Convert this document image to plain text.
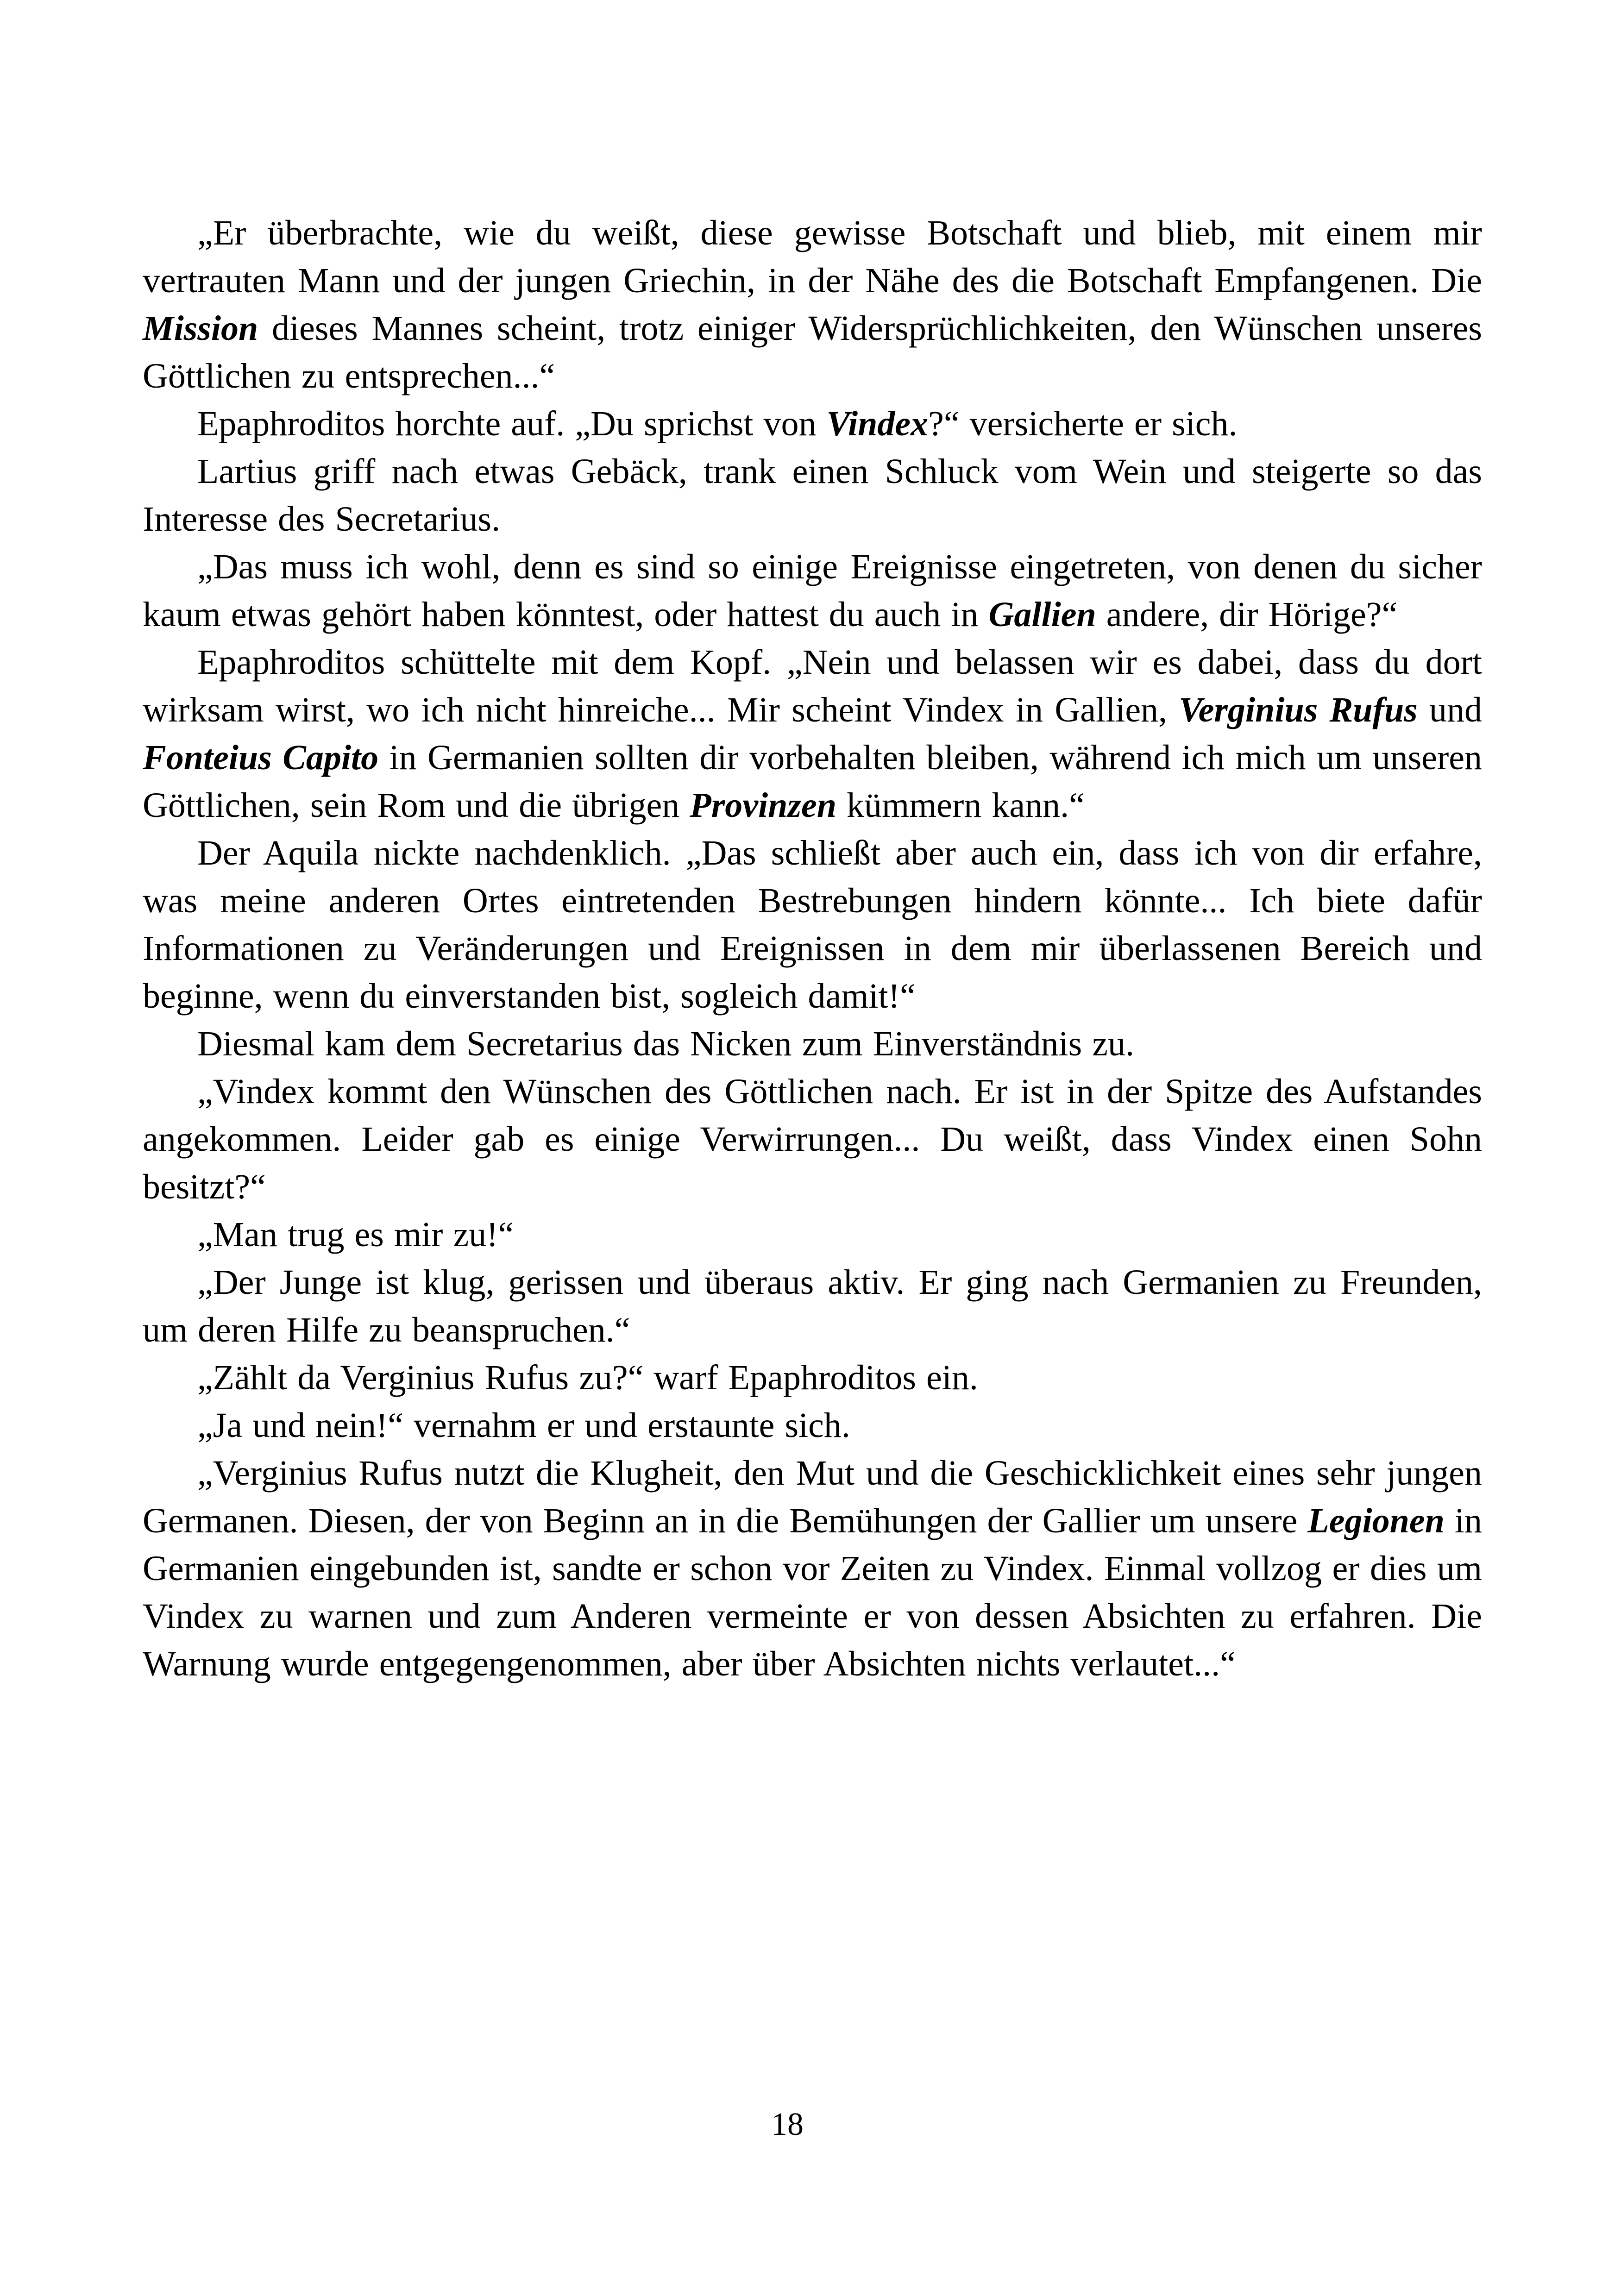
„Er überbrachte, wie du weißt, diese gewisse Botschaft und blieb, mit einem mir vertrauten Mann und der jungen Griechin, in der Nähe des die Botschaft Empfangenen. Die Mission dieses Mannes scheint, trotz einiger Widersprüchlichkeiten, den Wünschen unseres Göttlichen zu entsprechen...“

Epaphroditos horchte auf. „Du sprichst von Vindex?“ versicherte er sich.

Lartius griff nach etwas Gebäck, trank einen Schluck vom Wein und steigerte so das Interesse des Secretarius.

„Das muss ich wohl, denn es sind so einige Ereignisse eingetreten, von denen du sicher kaum etwas gehört haben könntest, oder hattest du auch in Gallien andere, dir Hörige?“

Epaphroditos schüttelte mit dem Kopf. „Nein und belassen wir es dabei, dass du dort wirksam wirst, wo ich nicht hinreiche... Mir scheint Vindex in Gallien, Verginius Rufus und Fonteius Capito in Germanien sollten dir vorbehalten bleiben, während ich mich um unseren Göttlichen, sein Rom und die übrigen Provinzen kümmern kann.“

Der Aquila nickte nachdenklich. „Das schließt aber auch ein, dass ich von dir erfahre, was meine anderen Ortes eintretenden Bestrebungen hindern könnte... Ich biete dafür Informationen zu Veränderungen und Ereignissen in dem mir überlassenen Bereich und beginne, wenn du einverstanden bist, sogleich damit!“

Diesmal kam dem Secretarius das Nicken zum Einverständnis zu.

„Vindex kommt den Wünschen des Göttlichen nach. Er ist in der Spitze des Aufstandes angekommen. Leider gab es einige Verwirrungen... Du weißt, dass Vindex einen Sohn besitzt?“

„Man trug es mir zu!“

„Der Junge ist klug, gerissen und überaus aktiv. Er ging nach Germanien zu Freunden, um deren Hilfe zu beanspruchen.“

„Zählt da Verginius Rufus zu?“ warf Epaphroditos ein.

„Ja und nein!“ vernahm er und erstaunte sich.

„Verginius Rufus nutzt die Klugheit, den Mut und die Geschicklichkeit eines sehr jungen Germanen. Diesen, der von Beginn an in die Bemühungen der Gallier um unsere Legionen in Germanien eingebunden ist, sandte er schon vor Zeiten zu Vindex. Einmal vollzog er dies um Vindex zu warnen und zum Anderen vermeinte er von dessen Absichten zu erfahren. Die Warnung wurde entgegengenommen, aber über Absichten nichts verlautet...“

18
